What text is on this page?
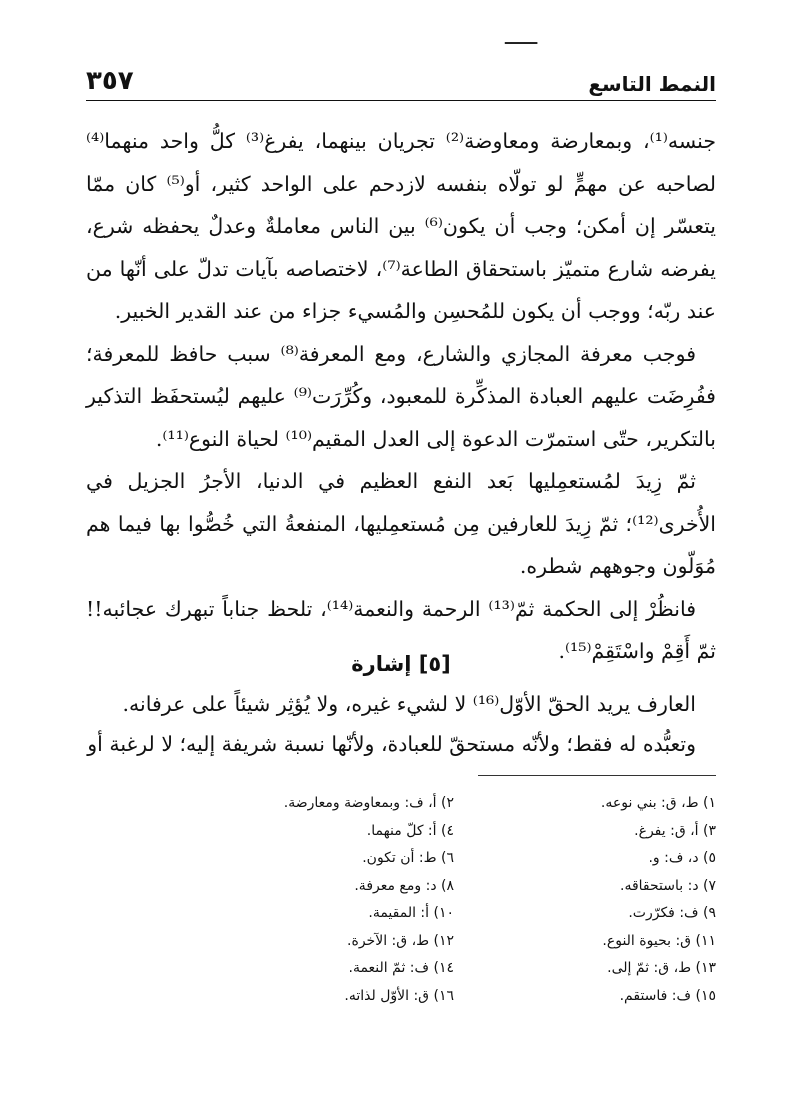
ـــــ
٣٥٧	النمط التاسع

جنسه⁽¹⁾، وبمعارضة ومعاوضة⁽²⁾ تجريان بينهما، يفرغ⁽³⁾ كلُّ واحد منهما⁽⁴⁾ لصاحبه عن مهمٍّ لو تولّاه بنفسه لازدحم على الواحد كثير، أو⁽⁵⁾ كان ممّا يتعسّر إن أمكن؛ وجب أن يكون⁽⁶⁾ بين الناس معاملةٌ وعدلٌ يحفظه شرع، يفرضه شارع متميّز باستحقاق الطاعة⁽⁷⁾، لاختصاصه بآيات تدلّ على أنّها من عند ربّه؛ ووجب أن يكون للمُحسِن والمُسيء جزاء من عند القدير الخبير.

فوجب معرفة المجازي والشارع، ومع المعرفة⁽⁸⁾ سبب حافظ للمعرفة؛ ففُرِضَت عليهم العبادة المذكِّرة للمعبود، وكُرِّرَت⁽⁹⁾ عليهم ليُستحفَظ التذكير بالتكرير، حتّى استمرّت الدعوة إلى العدل المقيم⁽¹⁰⁾ لحياة النوع⁽¹¹⁾.

ثمّ زِيدَ لمُستعمِليها بَعد النفع العظيم في الدنيا، الأجرُ الجزيل في الأُخرى⁽¹²⁾؛ ثمّ زِيدَ للعارفين مِن مُستعمِليها، المنفعةُ التي خُصُّوا بها فيما هم مُوَلّون وجوههم شطره.

فانظُرْ إلى الحكمة ثمّ⁽¹³⁾ الرحمة والنعمة⁽¹⁴⁾، تلحظ جناباً تبهرك عجائبه!! ثمّ أَقِمْ واسْتَقِمْ⁽¹⁵⁾.

[٥] إشارة

العارف يريد الحقّ الأوّل⁽¹⁶⁾ لا لشيء غيره، ولا يُؤثِر شيئاً على عرفانه.

وتعبُّده له فقط؛ ولأنّه مستحقّ للعبادة، ولأنّها نسبة شريفة إليه؛ لا لرغبة أو

١) ط، ق: بني نوعه.
٢) أ، ف: وبمعاوضة ومعارضة.
٣) أ، ق: يفرغ.
٤) أ: كلّ منهما.
٥) د، ف: و.
٦) ط: أن تكون.
٧) د: باستحقاقه.
٨) د: ومع معرفة.
٩) ف: فكرّرت.
١٠) أ: المقيمة.
١١) ق: بحيوة النوع.
١٢) ط، ق: الآخرة.
١٣) ط، ق: ثمّ إلى.
١٤) ف: ثمّ النعمة.
١٥) ف: فاستقم.
١٦) ق: الأوّل لذاته.
